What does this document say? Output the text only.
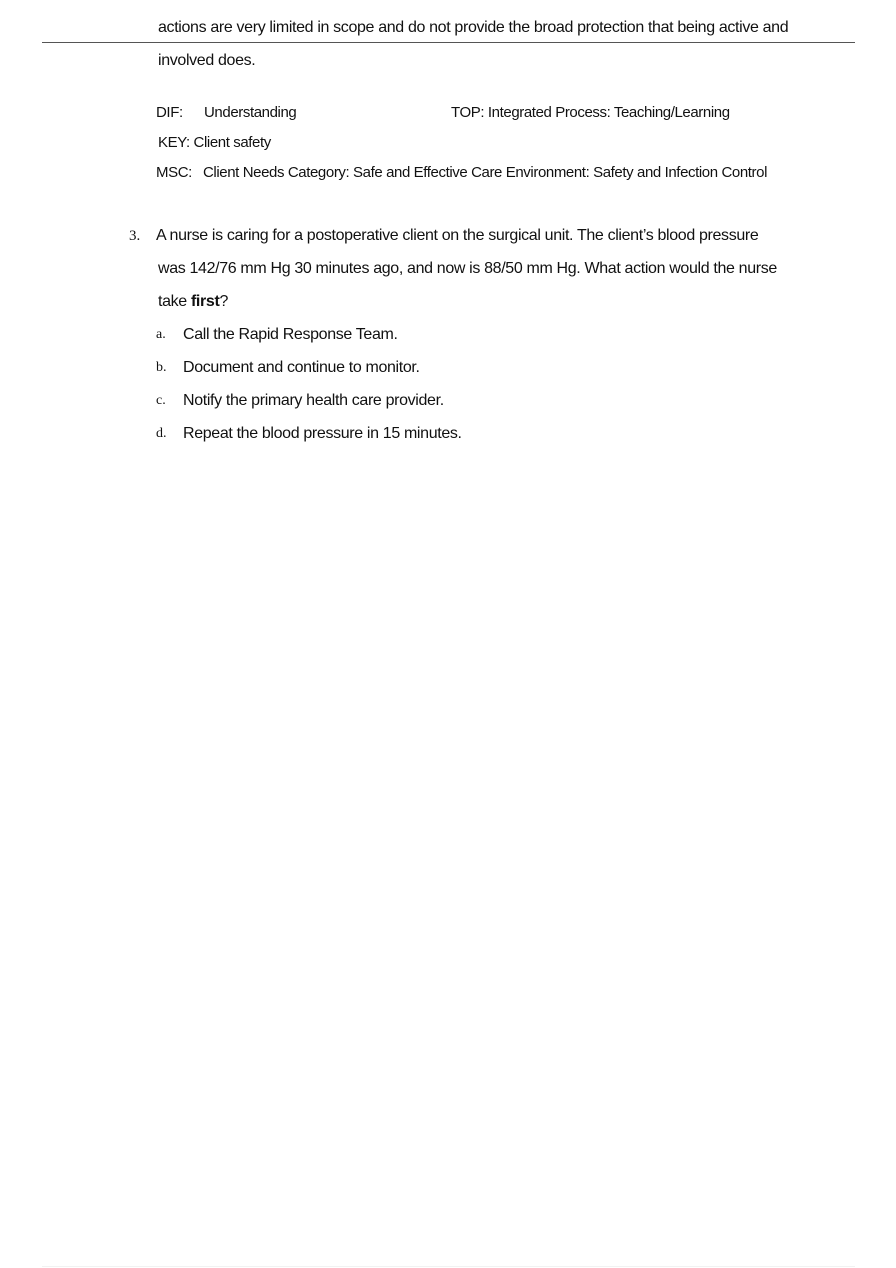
actions are very limited in scope and do not provide the broad protection that being active and
involved does.
DIF: Understanding	TOP: Integrated Process: Teaching/Learning
KEY: Client safety
MSC: Client Needs Category: Safe and Effective Care Environment: Safety and Infection Control
3. A nurse is caring for a postoperative client on the surgical unit. The client’s blood pressure
was 142/76 mm Hg 30 minutes ago, and now is 88/50 mm Hg. What action would the nurse
take first?
a. Call the Rapid Response Team.
b. Document and continue to monitor.
c. Notify the primary health care provider.
d. Repeat the blood pressure in 15 minutes.
